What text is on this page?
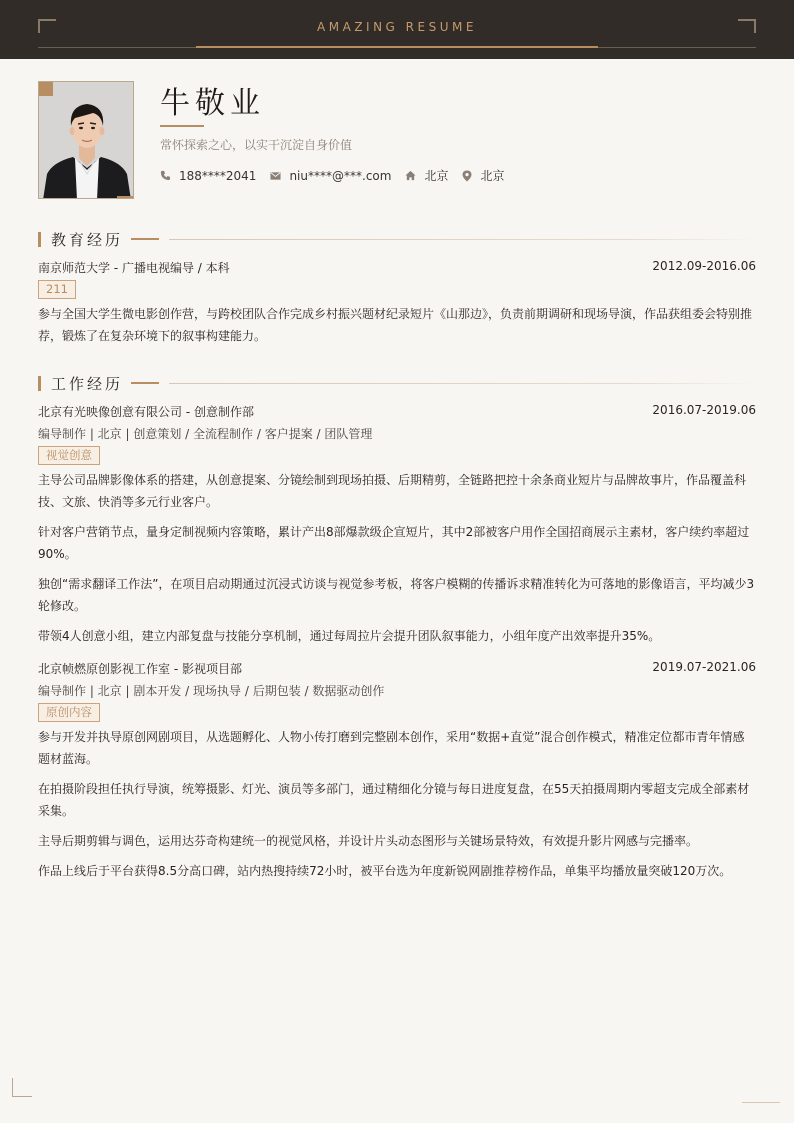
AMAZING RESUME
牛敬业
常怀探索之心，以实干沉淀自身价值
188****2041	niu****@***.com	北京	北京
教育经历
南京师范大学 - 广播电视编导 / 本科	2012.09-2016.06
211
参与全国大学生微电影创作营，与跨校团队合作完成乡村振兴题材纪录短片《山那边》，负责前期调研和现场导演，作品获组委会特别推荐，锻炼了在复杂环境下的叙事构建能力。
工作经历
北京有光映像创意有限公司 - 创意制作部	2016.07-2019.06
编导制作 | 北京 | 创意策划 / 全流程制作 / 客户提案 / 团队管理
视觉创意
主导公司品牌影像体系的搭建，从创意提案、分镜绘制到现场拍摄、后期精剪，全链路把控十余条商业短片与品牌故事片，作品覆盖科技、文旅、快消等多元行业客户。
针对客户营销节点，量身定制视频内容策略，累计产出8部爆款级企宣短片，其中2部被客户用作全国招商展示主素材，客户续约率超过90%。
独创“需求翻译工作法”，在项目启动期通过沉浸式访谈与视觉参考板，将客户模糊的传播诉求精准转化为可落地的影像语言，平均减少3轮修改。
带领4人创意小组，建立内部复盘与技能分享机制，通过每周拉片会提升团队叙事能力，小组年度产出效率提升35%。
北京帧燃原创影视工作室 - 影视项目部	2019.07-2021.06
编导制作 | 北京 | 剧本开发 / 现场执导 / 后期包装 / 数据驱动创作
原创内容
参与开发并执导原创网剧项目，从选题孵化、人物小传打磨到完整剧本创作，采用“数据+直觉”混合创作模式，精准定位都市青年情感题材蓝海。
在拍摄阶段担任执行导演，统筹摄影、灯光、演员等多部门，通过精细化分镜与每日进度复盘，在55天拍摄周期内零超支完成全部素材采集。
主导后期剪辑与调色，运用达芬奇构建统一的视觉风格，并设计片头动态图形与关键场景特效，有效提升影片网感与完播率。
作品上线后于平台获得8.5分高口碑，站内热搜持续72小时，被平台选为年度新锐网剧推荐榜作品，单集平均播放量突破120万次。
